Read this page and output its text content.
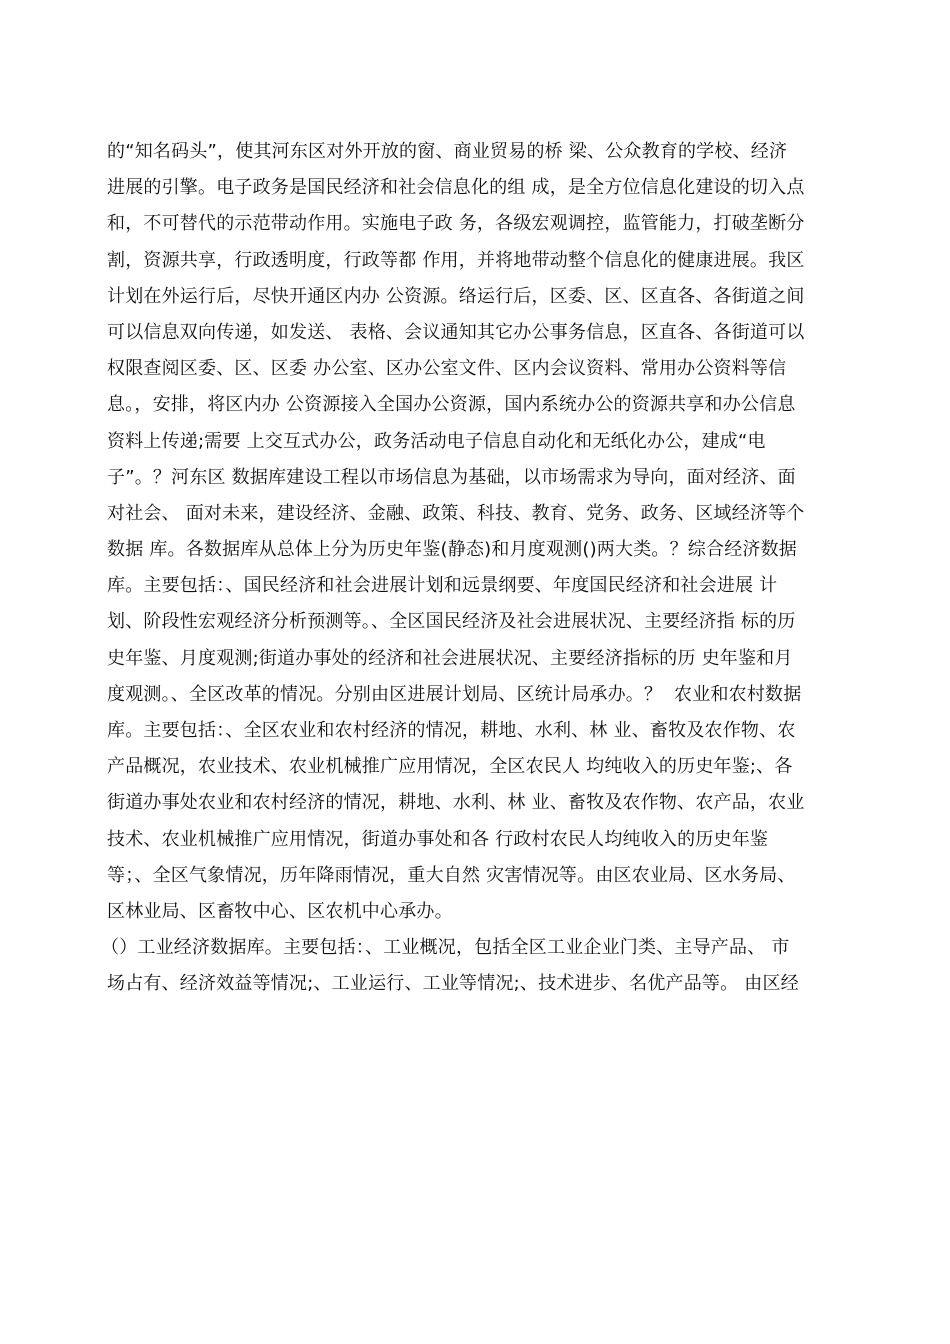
的“知名码头”，使其河东区对外开放的窗、商业贸易的桥 梁、公众教育的学校、经济
进展的引擎。电子政务是国民经济和社会信息化的组 成，是全方位信息化建设的切入点
和，不可替代的示范带动作用。实施电子政 务，各级宏观调控，监管能力，打破垄断分
割，资源共享，行政透明度，行政等都 作用，并将地带动整个信息化的健康进展。我区
计划在外运行后，尽快开通区内办 公资源。络运行后，区委、区、区直各、各街道之间
可以信息双向传递，如发送、 表格、会议通知其它办公事务信息，区直各、各街道可以
权限查阅区委、区、区委 办公室、区办公室文件、区内会议资料、常用办公资料等信
息。，安排，将区内办 公资源接入全国办公资源，国内系统办公的资源共享和办公信息
资料上传递;需要 上交互式办公，政务活动电子信息自动化和无纸化办公，建成“电
子”。？河东区 数据库建设工程以市场信息为基础，以市场需求为导向，面对经济、面
对社会、 面对未来，建设经济、金融、政策、科技、教育、党务、政务、区域经济等个
数据 库。各数据库从总体上分为历史年鉴(静态)和月度观测()两大类。？综合经济数据
库。主要包括：、国民经济和社会进展计划和远景纲要、年度国民经济和社会进展 计
划、阶段性宏观经济分析预测等。、全区国民经济及社会进展状况、主要经济指 标的历
史年鉴、月度观测;街道办事处的经济和社会进展状况、主要经济指标的历 史年鉴和月
度观测。、全区改革的情况。分别由区进展计划局、区统计局承办。？  农业和农村数据
库。主要包括：、全区农业和农村经济的情况，耕地、水利、林 业、畜牧及农作物、农
产品概况，农业技术、农业机械推广应用情况，全区农民人 均纯收入的历史年鉴;、各
街道办事处农业和农村经济的情况，耕地、水利、林 业、畜牧及农作物、农产品，农业
技术、农业机械推广应用情况，街道办事处和各 行政村农民人均纯收入的历史年鉴
等；、全区气象情况，历年降雨情况，重大自然 灾害情况等。由区农业局、区水务局、
区林业局、区畜牧中心、区农机中心承办。
（）工业经济数据库。主要包括：、工业概况，包括全区工业企业门类、主导产品、 市
场占有、经济效益等情况;、工业运行、工业等情况;、技术进步、名优产品等。 由区经
